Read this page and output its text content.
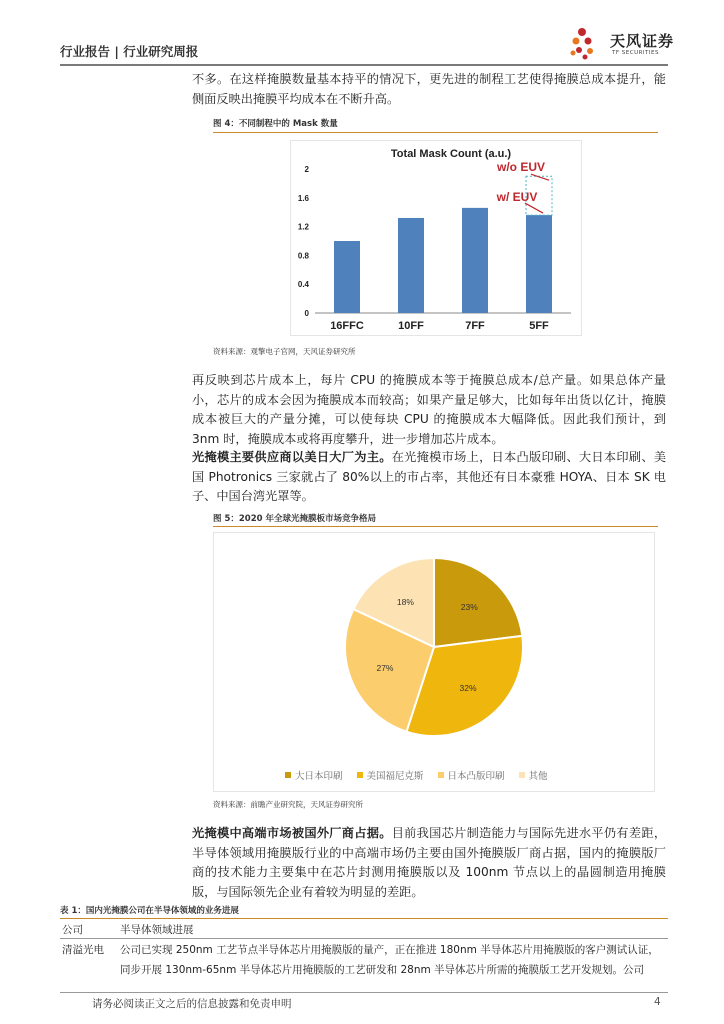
行业报告 | 行业研究周报
天风证券
TF SECURITIES
不多。在这样掩膜数量基本持平的情况下，更先进的制程工艺使得掩膜总成本提升，能侧面反映出掩膜平均成本在不断升高。
图 4：不同制程中的 Mask 数量
Total Mask Count (a.u.)
0
0.4
0.8
1.2
1.6
2
16FFC	10FF	7FF	5FF
w/o EUV
w/ EUV
资料来源：观擎电子官网，天风证券研究所
再反映到芯片成本上，每片 CPU 的掩膜成本等于掩膜总成本/总产量。如果总体产量小，芯片的成本会因为掩膜成本而较高；如果产量足够大，比如每年出货以亿计，掩膜成本被巨大的产量分摊，可以使每块 CPU 的掩膜成本大幅降低。因此我们预计，到 3nm 时，掩膜成本或将再度攀升，进一步增加芯片成本。
光掩模主要供应商以美日大厂为主。在光掩模市场上，日本凸版印刷、大日本印刷、美国 Photronics 三家就占了 80%以上的市占率，其他还有日本豪雅 HOYA、日本 SK 电子、中国台湾光罩等。
图 5：2020 年全球光掩膜板市场竞争格局
23%
32%
27%
18%
大日本印刷	美国福尼克斯	日本凸版印刷	其他
资料来源：前瞻产业研究院，天风证券研究所
光掩模中高端市场被国外厂商占据。目前我国芯片制造能力与国际先进水平仍有差距，半导体领域用掩膜版行业的中高端市场仍主要由国外掩膜版厂商占据，国内的掩膜版厂商的技术能力主要集中在芯片封测用掩膜版以及 100nm 节点以上的晶圆制造用掩膜版，与国际领先企业有着较为明显的差距。
表 1：国内光掩膜公司在半导体领域的业务进展
公司	半导体领域进展
清溢光电 公司已实现 250nm 工艺节点半导体芯片用掩膜版的量产，正在推进 180nm 半导体芯片用掩膜版的客户测试认证，
同步开展 130nm-65nm 半导体芯片用掩膜版的工艺研发和 28nm 半导体芯片所需的掩膜版工艺开发规划。公司
请务必阅读正文之后的信息披露和免责申明	4
